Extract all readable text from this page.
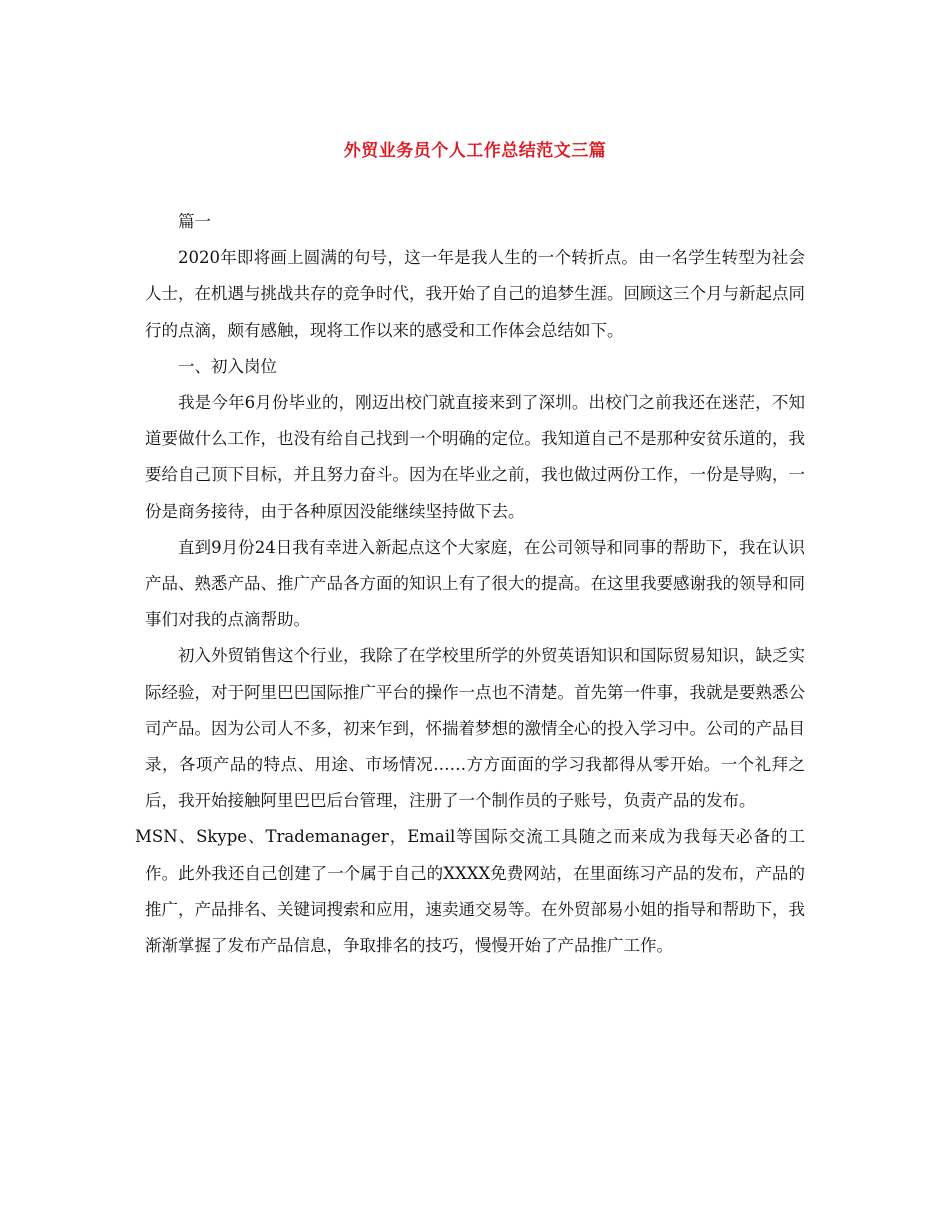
外贸业务员个人工作总结范文三篇

篇一

2020年即将画上圆满的句号，这一年是我人生的一个转折点。由一名学生转型为社会人士，在机遇与挑战共存的竞争时代，我开始了自己的追梦生涯。回顾这三个月与新起点同行的点滴，颇有感触，现将工作以来的感受和工作体会总结如下。

一、初入岗位

我是今年6月份毕业的，刚迈出校门就直接来到了深圳。出校门之前我还在迷茫，不知道要做什么工作，也没有给自己找到一个明确的定位。我知道自己不是那种安贫乐道的，我要给自己顶下目标，并且努力奋斗。因为在毕业之前，我也做过两份工作，一份是导购，一份是商务接待，由于各种原因没能继续坚持做下去。

直到9月份24日我有幸进入新起点这个大家庭，在公司领导和同事的帮助下，我在认识产品、熟悉产品、推广产品各方面的知识上有了很大的提高。在这里我要感谢我的领导和同事们对我的点滴帮助。

初入外贸销售这个行业，我除了在学校里所学的外贸英语知识和国际贸易知识，缺乏实际经验，对于阿里巴巴国际推广平台的操作一点也不清楚。首先第一件事，我就是要熟悉公司产品。因为公司人不多，初来乍到，怀揣着梦想的激情全心的投入学习中。公司的产品目录，各项产品的特点、用途、市场情况……方方面面的学习我都得从零开始。一个礼拜之后，我开始接触阿里巴巴后台管理，注册了一个制作员的子账号，负责产品的发布。

MSN、Skype、Trademanager，Email等国际交流工具随之而来成为我每天必备的工作。此外我还自己创建了一个属于自己的XXXX免费网站，在里面练习产品的发布，产品的推广，产品排名、关键词搜索和应用，速卖通交易等。在外贸部易小姐的指导和帮助下，我渐渐掌握了发布产品信息，争取排名的技巧，慢慢开始了产品推广工作。
